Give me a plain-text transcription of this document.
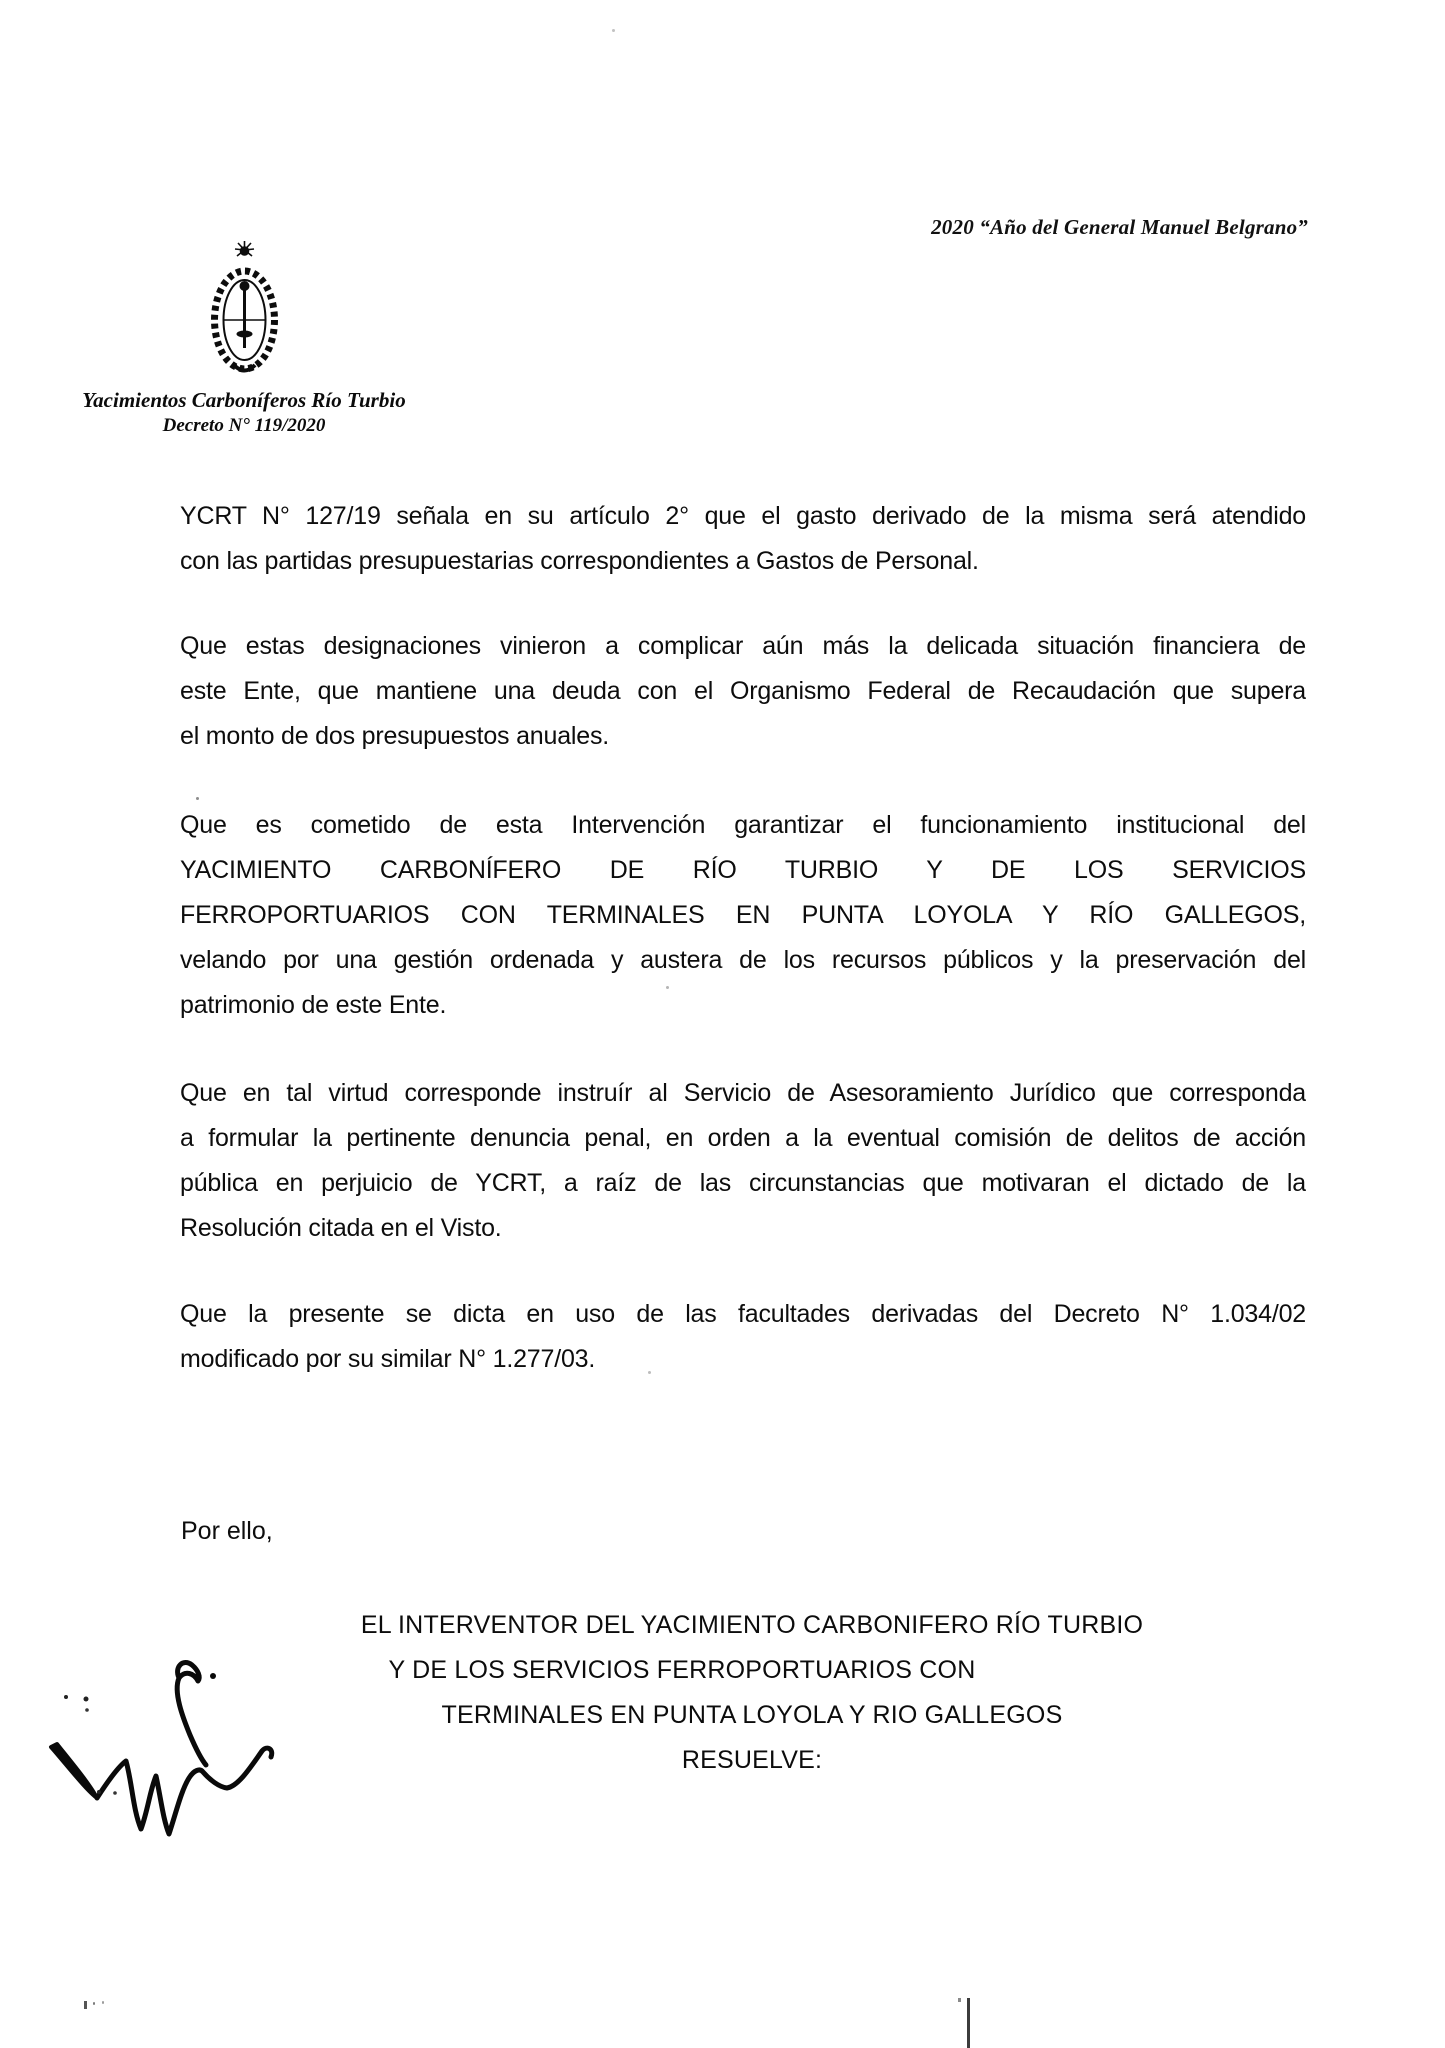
2020 “Año del General Manuel Belgrano”
Yacimientos Carboníferos Río Turbio
Decreto N° 119/2020
YCRT N° 127/19 señala en su artículo 2° que el gasto derivado de la misma será atendido
con las partidas presupuestarias correspondientes a Gastos de Personal.
Que estas designaciones vinieron a complicar aún más la delicada situación financiera de
este Ente, que mantiene una deuda con el Organismo Federal de Recaudación que supera
el monto de dos presupuestos anuales.
Que es cometido de esta Intervención garantizar el funcionamiento institucional del
YACIMIENTO CARBONÍFERO DE RÍO TURBIO Y DE LOS SERVICIOS
FERROPORTUARIOS CON TERMINALES EN PUNTA LOYOLA Y RÍO GALLEGOS,
velando por una gestión ordenada y austera de los recursos públicos y la preservación del
patrimonio de este Ente.
Que en tal virtud corresponde instruír al Servicio de Asesoramiento Jurídico que corresponda
a formular la pertinente denuncia penal, en orden a la eventual comisión de delitos de acción
pública en perjuicio de YCRT, a raíz de las circunstancias que motivaran el dictado de la
Resolución citada en el Visto.
Que la presente se dicta en uso de las facultades derivadas del Decreto N° 1.034/02
modificado por su similar N° 1.277/03.
Por ello,
EL INTERVENTOR DEL YACIMIENTO CARBONIFERO RÍO TURBIO
Y DE LOS SERVICIOS FERROPORTUARIOS CON
TERMINALES EN PUNTA LOYOLA Y RIO GALLEGOS
RESUELVE:
